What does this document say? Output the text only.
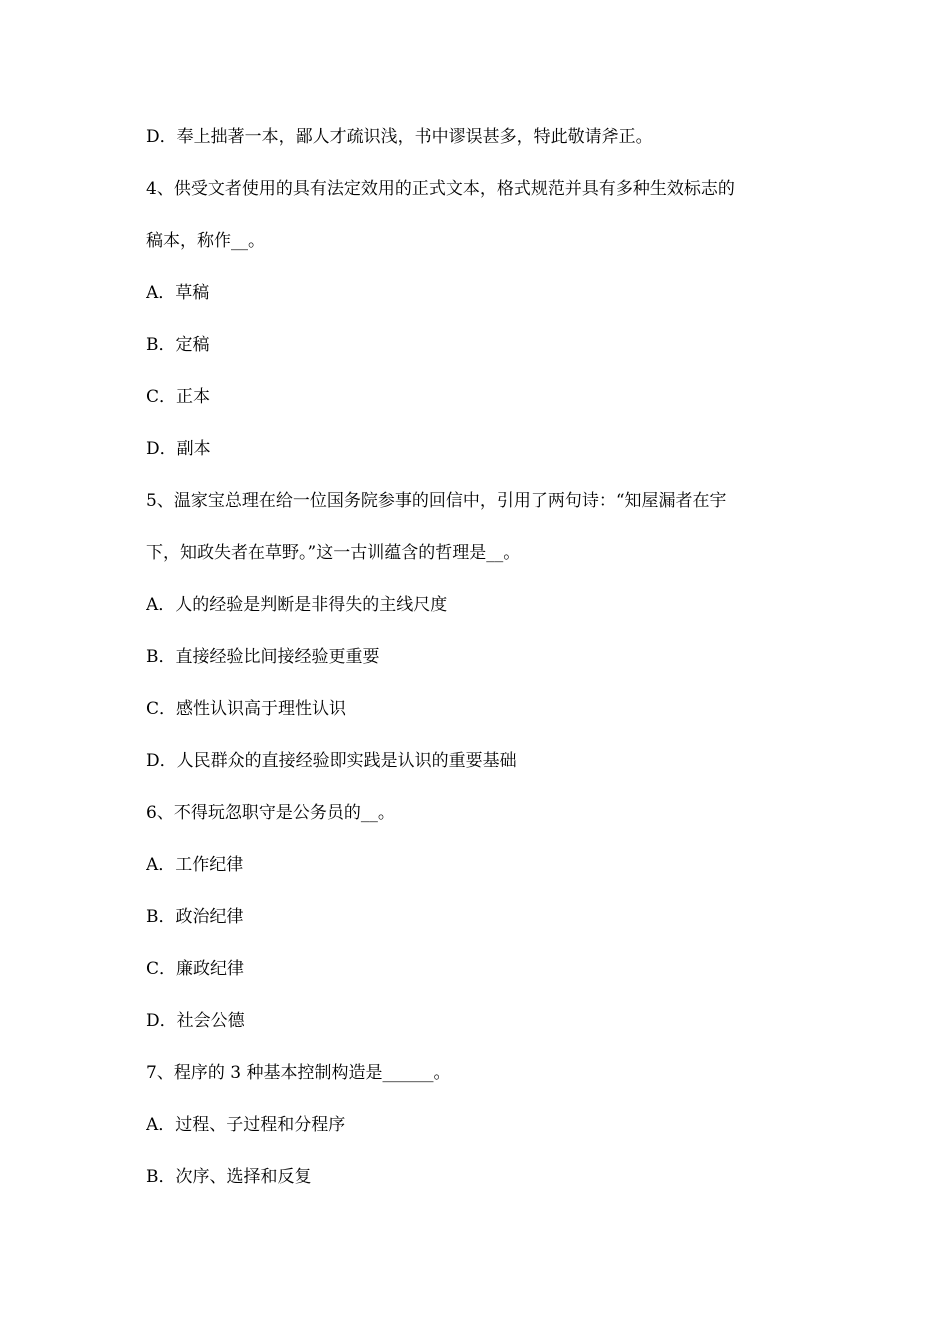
D．奉上拙著一本，鄙人才疏识浅，书中谬误甚多，特此敬请斧正。
4、供受文者使用的具有法定效用的正式文本，格式规范并具有多种生效标志的
稿本，称作__。
A．草稿
B．定稿
C．正本
D．副本
5、温家宝总理在给一位国务院参事的回信中，引用了两句诗：“知屋漏者在宇
下，知政失者在草野。”这一古训蕴含的哲理是__。
A．人的经验是判断是非得失的主线尺度
B．直接经验比间接经验更重要
C．感性认识高于理性认识
D．人民群众的直接经验即实践是认识的重要基础
6、不得玩忽职守是公务员的__。
A．工作纪律
B．政治纪律
C．廉政纪律
D．社会公德
7、程序的 3 种基本控制构造是______。
A．过程、子过程和分程序
B．次序、选择和反复
